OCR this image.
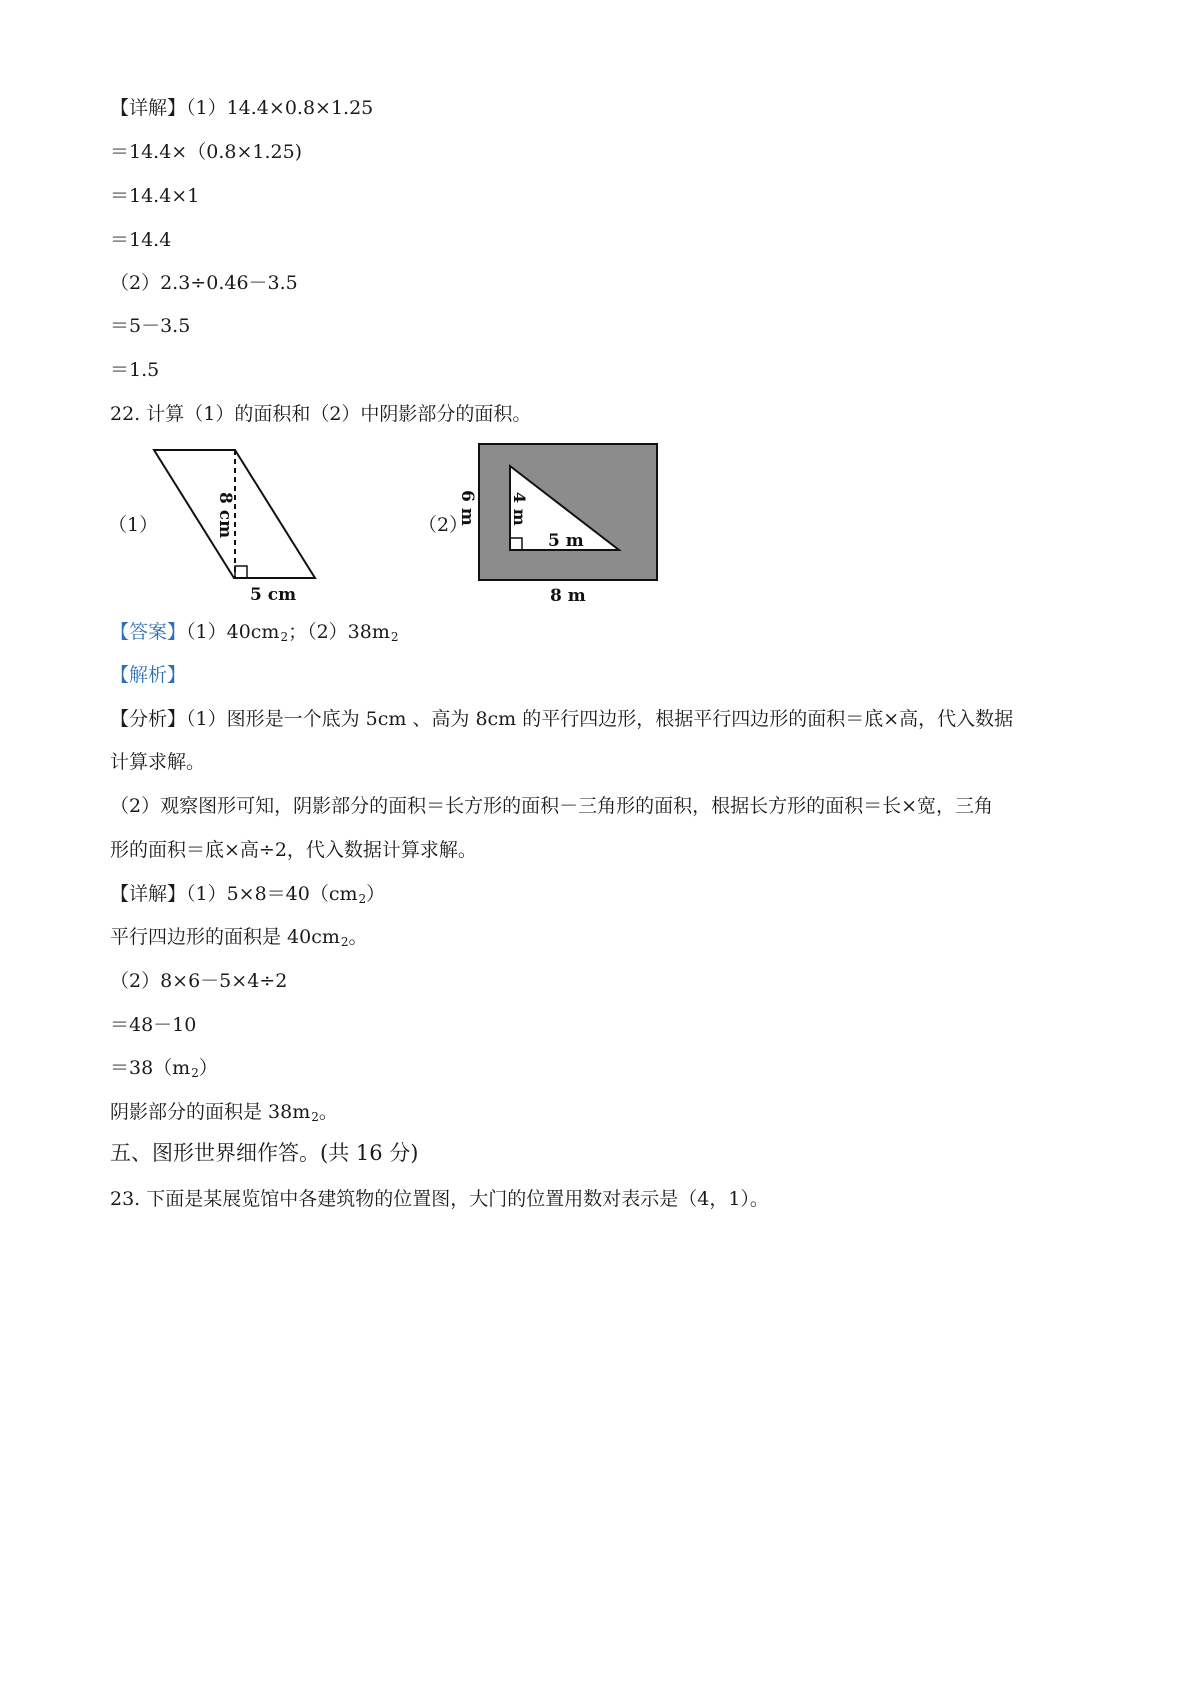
【详解】（1）14.4×0.8×1.25
＝14.4×（0.8×1.25)
＝14.4×1
＝14.4
（2）2.3÷0.46－3.5
＝5－3.5
＝1.5
22. 计算（1）的面积和（2）中阴影部分的面积。
（1）	8 cm
5 cm
（2）
6 m 4 m
5 m
8 m
【答案】$(1)40cm_2$；$(2)38m_2$
【解析】
【分析】（1）图形是一个底为 5cm 、高为 8cm 的平行四边形，根据平行四边形的面积＝底×高，代入数据
计算求解。
（2）观察图形可知，阴影部分的面积＝长方形的面积－三角形的面积，根据长方形的面积＝长×宽，三角
形的面积＝底×高÷2，代入数据计算求解。
【详解】$(1)5\times 8=40(cm_2)$
平行四边形的面积是 $40cm_2$。
（2）8×6－5×4÷2
＝48－10
$=38(m_2)$
阴影部分的面积是 $38m_2$。
五、图形世界细作答。(共 16 分)
23. 下面是某展览馆中各建筑物的位置图，大门的位置用数对表示是（4，1）。
